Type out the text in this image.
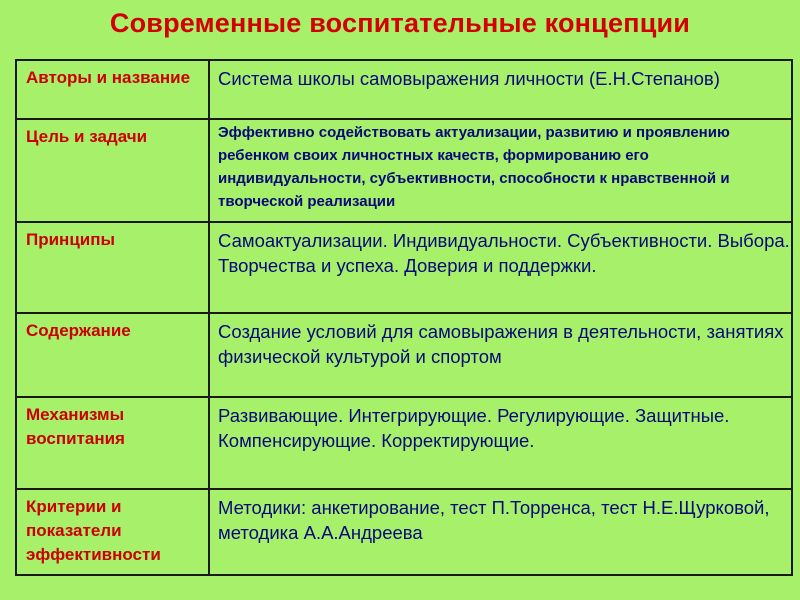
Современные воспитательные концепции
Авторы и название	Система школы самовыражения личности (Е.Н.Степанов)

Цель и задачи	Эффективно содействовать актуализации, развитию и проявлению ребенком своих личностных качеств, формированию его индивидуальности, субъективности, способности к нравственной и творческой реализации

Принципы	Самоактуализации. Индивидуальности. Субъективности. Выбора. Творчества и успеха. Доверия и поддержки.

Содержание	Создание условий для самовыражения в деятельности, занятиях физической культурой и спортом

Механизмы воспитания	Развивающие. Интегрирующие. Регулирующие. Защитные. Компенсирующие. Корректирующие.

Критерии и показатели эффективности	Методики: анкетирование, тест П.Торренса, тест Н.Е.Щурковой, методика А.А.Андреева
